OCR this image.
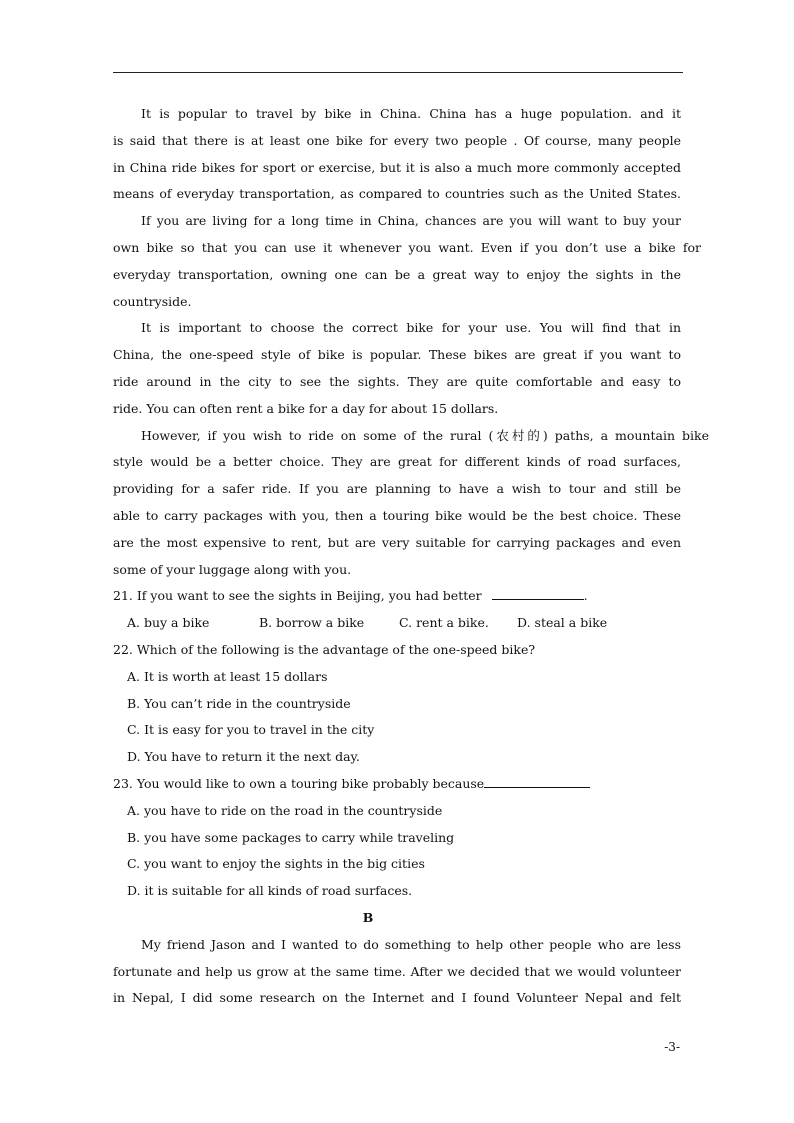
It is popular to travel by bike in China. China has a huge population. and it
is said that there is at least one bike for every two people . Of course, many people
in China ride bikes for sport or exercise, but it is also a much more commonly accepted
means of everyday transportation, as compared to countries such as the United States.
If you are living for a long time in China, chances are you will want to buy your
own bike so that you can use it whenever you want. Even if you don’t use a bike for
everyday transportation, owning one can be a great way to enjoy the sights in the
countryside.
It is important to choose the correct bike for your use. You will find that in
China, the one-speed style of bike is popular. These bikes are great if you want to
ride around in the city to see the sights. They are quite comfortable and easy to
ride. You can often rent a bike for a day for about 15 dollars.
However, if you wish to ride on some of the rural (农村的) paths, a mountain bike
style would be a better choice. They are great for different kinds of road surfaces,
providing for a safer ride. If you are planning to have a wish to tour and still be
able to carry packages with you, then a touring bike would be the best choice. These
are the most expensive to rent, but are very suitable for carrying packages and even
some of your luggage along with you.
21. If you want to see the sights in Beijing, you had better	.
A. buy a bike	B. borrow a bike	C. rent a bike.	D. steal a bike
22. Which of the following is the advantage of the one-speed bike?
A. It is worth at least 15 dollars
B. You can’t ride in the countryside
C. It is easy for you to travel in the city
D. You have to return it the next day.
23. You would like to own a touring bike probably because
A. you have to ride on the road in the countryside
B. you have some packages to carry while traveling
C. you want to enjoy the sights in the big cities
D. it is suitable for all kinds of road surfaces.
B
My friend Jason and I wanted to do something to help other people who are less
fortunate and help us grow at the same time. After we decided that we would volunteer
in Nepal, I did some research on the Internet and I found Volunteer Nepal and felt
-3-
